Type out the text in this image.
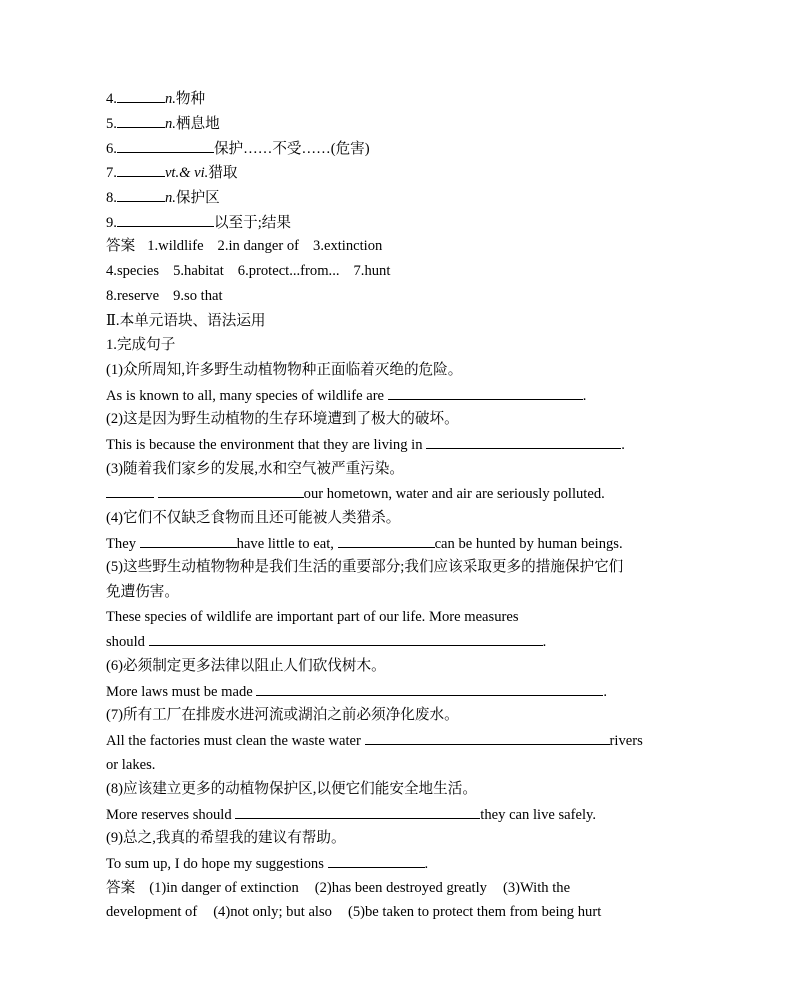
4.	n.物种
5.	n.栖息地
6.	保护……不受……(危害)
7.	vt.& vi.猎取
8.	n.保护区
9.	以至于;结果
答案 1.wildlife 2.in danger of 3.extinction
4.species 5.habitat 6.protect...from... 7.hunt
8.reserve 9.so that
Ⅱ.本单元语块、语法运用
1.完成句子
(1)众所周知,许多野生动植物物种正面临着灭绝的危险。
As is known to all, many species of wildlife are	.
(2)这是因为野生动植物的生存环境遭到了极大的破坏。
This is because the environment that they are living in	.
(3)随着我们家乡的发展,水和空气被严重污染。
our hometown, water and air are seriously polluted.
(4)它们不仅缺乏食物而且还可能被人类猎杀。
They	have little to eat,	can be hunted by human beings.
(5)这些野生动植物物种是我们生活的重要部分;我们应该采取更多的措施保护它们
免遭伤害。
These species of wildlife are important part of our life. More measures
should	.
(6)必须制定更多法律以阻止人们砍伐树木。
More laws must be made	.
(7)所有工厂在排废水进河流或湖泊之前必须净化废水。
All the factories must clean the waste water	rivers
or lakes.
(8)应该建立更多的动植物保护区,以便它们能安全地生活。
More reserves should	they can live safely.
(9)总之,我真的希望我的建议有帮助。
To sum up, I do hope my suggestions	.
答案 (1)in danger of extinction (2)has been destroyed greatly (3)With the
development of (4)not only; but also (5)be taken to protect them from being hurt
